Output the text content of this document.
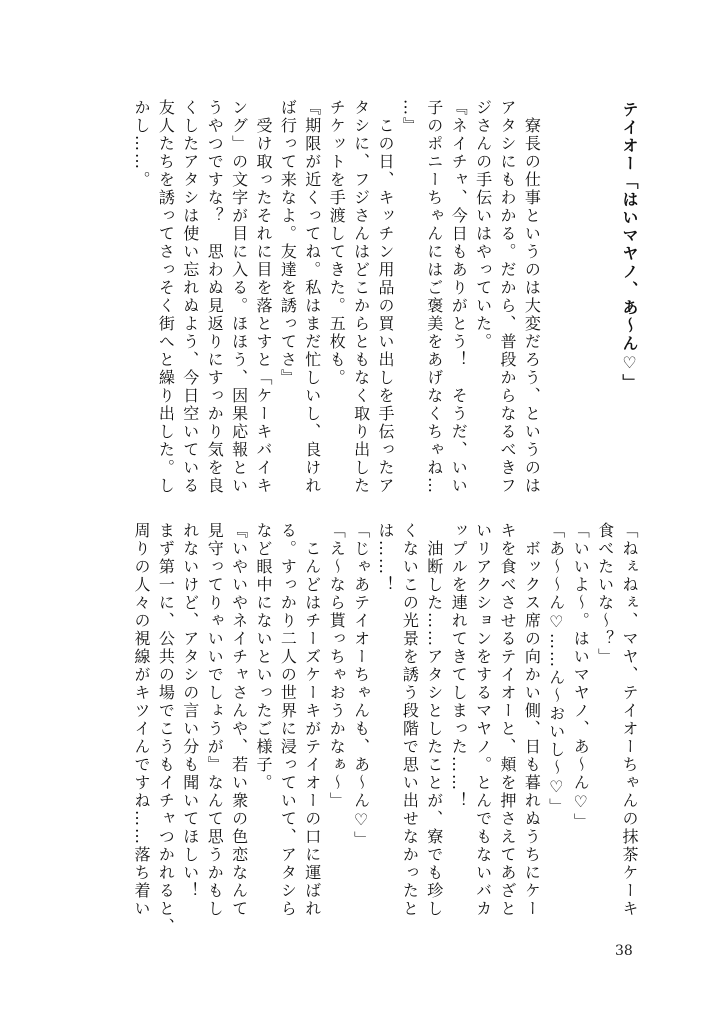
テイオー「はいマヤノ、あ〜ん♡」
　寮長の仕事というのは大変だろう、というのは
アタシにもわかる。だから、普段からなるべきフ
ジさんの手伝いはやっていた。
『ネイチャ、今日もありがとう！　そうだ、いい
子のポニーちゃんにはご褒美をあげなくちゃね…
…』
　この日、キッチン用品の買い出しを手伝ったア
タシに、フジさんはどこからともなく取り出した
チケットを手渡してきた。五枚も。
『期限が近くってね。私はまだ忙しいし、良けれ
ば行って来なよ。友達を誘ってさ』
　受け取ったそれに目を落とすと「ケーキバイキ
ング」の文字が目に入る。ほほう、因果応報とい
うやつですな？　思わぬ見返りにすっかり気を良
くしたアタシは使い忘れぬよう、今日空いている
友人たちを誘ってさっそく街へと繰り出した。し
かし……。
「ねぇねぇ、マヤ、テイオーちゃんの抹茶ケーキ
食べたいな〜？」
「いいよ〜。はいマヤノ、あ〜ん♡」
「あ〜〜ん♡……ん〜おいし〜♡」
　ボックス席の向かい側、日も暮れぬうちにケー
キを食べさせるテイオーと、頬を押さえてあざと
いリアクションをするマヤノ。とんでもないバカ
ップルを連れてきてしまった……！
　油断した……アタシとしたことが、寮でも珍し
くないこの光景を誘う段階で思い出せなかったと
は……！
「じゃあテイオーちゃんも、あ〜ん♡」
「え〜なら貰っちゃおうかなぁ〜」
　こんどはチーズケーキがテイオーの口に運ばれ
る。すっかり二人の世界に浸っていて、アタシら
など眼中にないといったご様子。
『いやいやネイチャさんや、若い衆の色恋なんて
見守ってりゃいいでしょうが』なんて思うかもし
れないけど、アタシの言い分も聞いてほしい！
まず第一に、公共の場でこうもイチャつかれると、
周りの人々の視線がキツイんですね……落ち着い
38
